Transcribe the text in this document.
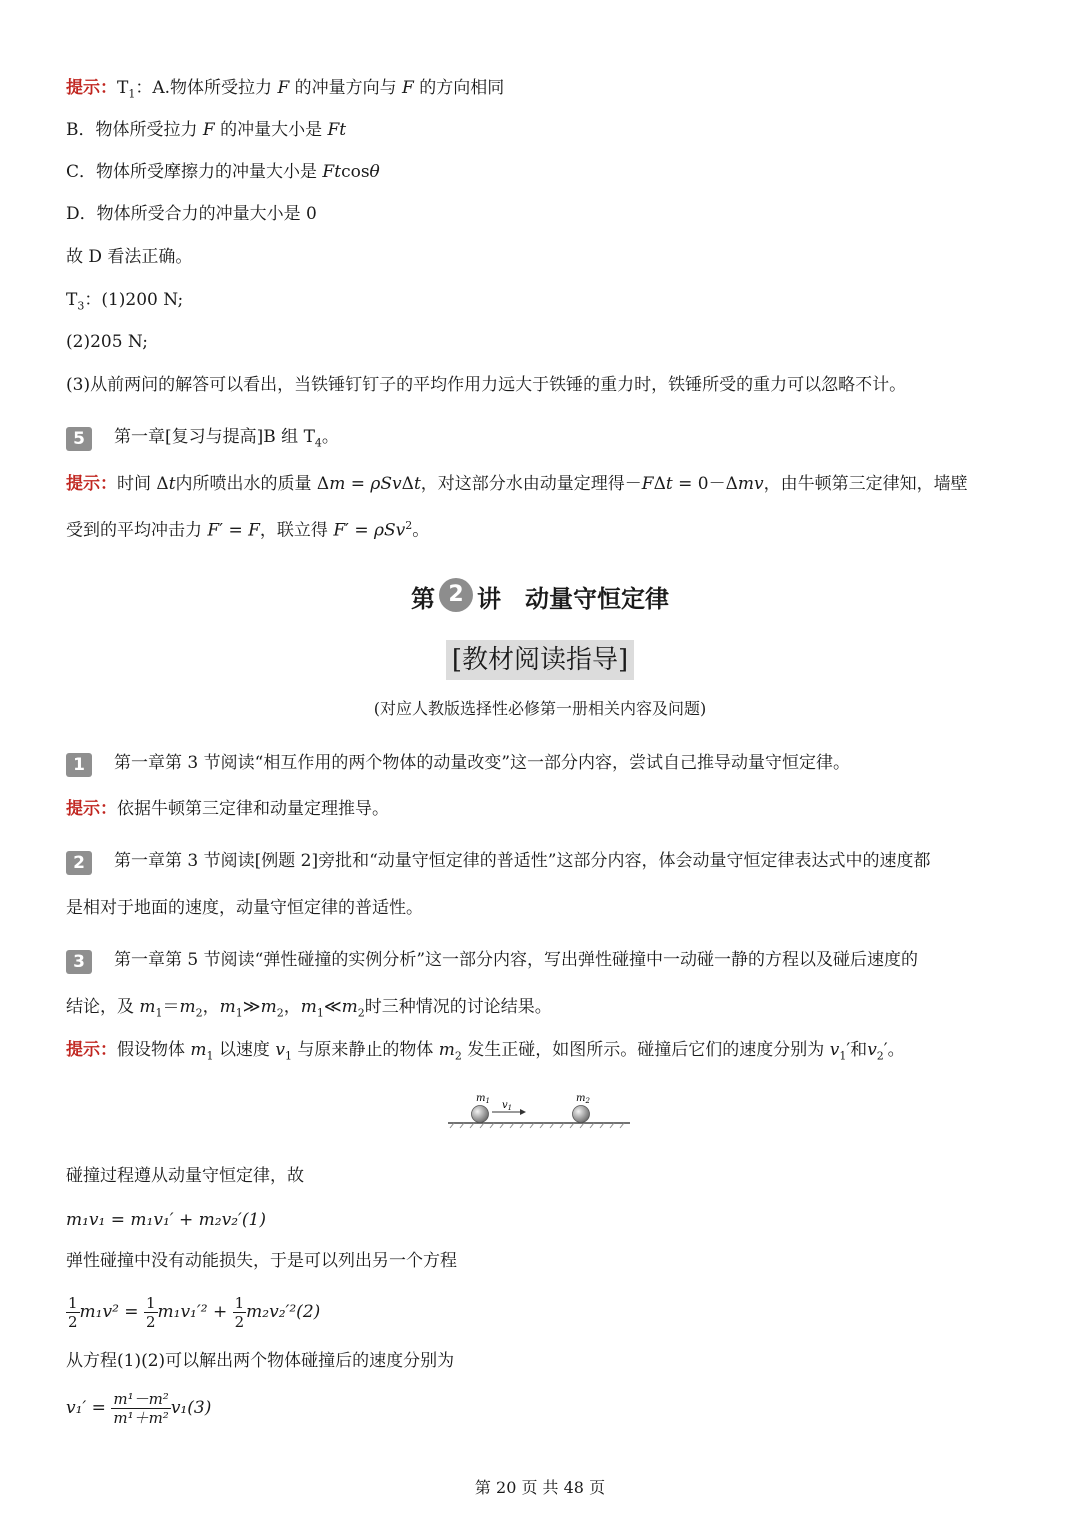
提示：$T_1$：A.物体所受拉力 F 的冲量方向与 F 的方向相同
B．物体所受拉力 F 的冲量大小是 Ft
C．物体所受摩擦力的冲量大小是 Ftcosθ
D．物体所受合力的冲量大小是 0
故 D 看法正确。
$T_3$：(1)200 N;
(2)205 N;
(3)从前两问的解答可以看出，当铁锤钉钉子的平均作用力远大于铁锤的重力时，铁锤所受的重力可以忽略不计。
5 第一章[复习与提高]B 组 $T_4$。
提示：时间 Δt内所喷出水的质量 Δm = ρSvΔt，对这部分水由动量定理得－FΔt = 0－Δmv，由牛顿第三定律知，墙壁
受到的平均冲击力 F′ = F，联立得 F′ = ρSv$^2$。
第 2 讲　动量守恒定律
[教材阅读指导]
(对应人教版选择性必修第一册相关内容及问题)
1 第一章第 3 节阅读“相互作用的两个物体的动量改变”这一部分内容，尝试自己推导动量守恒定律。
提示：依据牛顿第三定律和动量定理推导。
2 第一章第 3 节阅读[例题 2]旁批和“动量守恒定律的普适性”这部分内容，体会动量守恒定律表达式中的速度都
是相对于地面的速度，动量守恒定律的普适性。
3 第一章第 5 节阅读“弹性碰撞的实例分析”这一部分内容，写出弹性碰撞中一动碰一静的方程以及碰后速度的
结论，及 $m_1=m_2$，$m_1≫m_2$，$m_1≪m_2$时三种情况的讨论结果。
提示：假设物体 $m_1$ 以速度 $v_1$ 与原来静止的物体 $m_2$ 发生正碰，如图所示。碰撞后它们的速度分别为 $v_1'$和$v_2'$。
$m_1$ $v_1$
$m_2$
碰撞过程遵从动量守恒定律，故
m₁v₁ = m₁v₁′ + m₂v₂′(1)
弹性碰撞中没有动能损失，于是可以列出另一个方程
$\frac{1}{2} m_1v^2 = \frac{1}{2} m_1v_1'^2 + \frac{1}{2} m_2v_2'^2(2)$
从方程(1)(2)可以解出两个物体碰撞后的速度分别为
$v_1' = \frac{\text{m¹－m²}}{\text{m¹＋m²}} v_1(3)$
第 20 页 共 48 页
